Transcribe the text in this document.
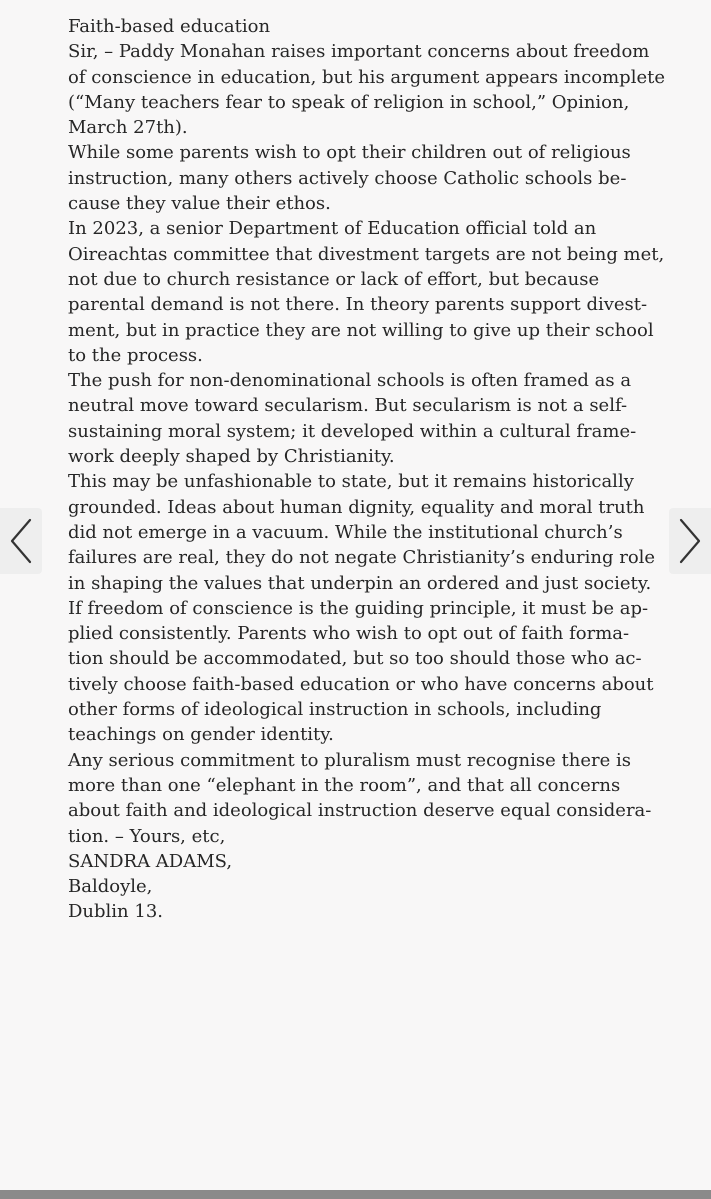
Faith-based education

Sir, – Paddy Monahan raises important concerns about freedom
of conscience in education, but his argument appears incomplete
(“Many teachers fear to speak of religion in school,” Opinion,
March 27th).

While some parents wish to opt their children out of religious
instruction, many others actively choose Catholic schools be-
cause they value their ethos.

In 2023, a senior Department of Education official told an
Oireachtas committee that divestment targets are not being met,
not due to church resistance or lack of effort, but because
parental demand is not there. In theory parents support divest-
ment, but in practice they are not willing to give up their school
to the process.

The push for non-denominational schools is often framed as a
neutral move toward secularism. But secularism is not a self-
sustaining moral system; it developed within a cultural frame-
work deeply shaped by Christianity.

This may be unfashionable to state, but it remains historically
grounded. Ideas about human dignity, equality and moral truth
did not emerge in a vacuum. While the institutional church’s
failures are real, they do not negate Christianity’s enduring role
in shaping the values that underpin an ordered and just society.

If freedom of conscience is the guiding principle, it must be ap-
plied consistently. Parents who wish to opt out of faith forma-
tion should be accommodated, but so too should those who ac-
tively choose faith-based education or who have concerns about
other forms of ideological instruction in schools, including
teachings on gender identity.

Any serious commitment to pluralism must recognise there is
more than one “elephant in the room”, and that all concerns
about faith and ideological instruction deserve equal considera-
tion. – Yours, etc,

SANDRA ADAMS,

Baldoyle,

Dublin 13.
